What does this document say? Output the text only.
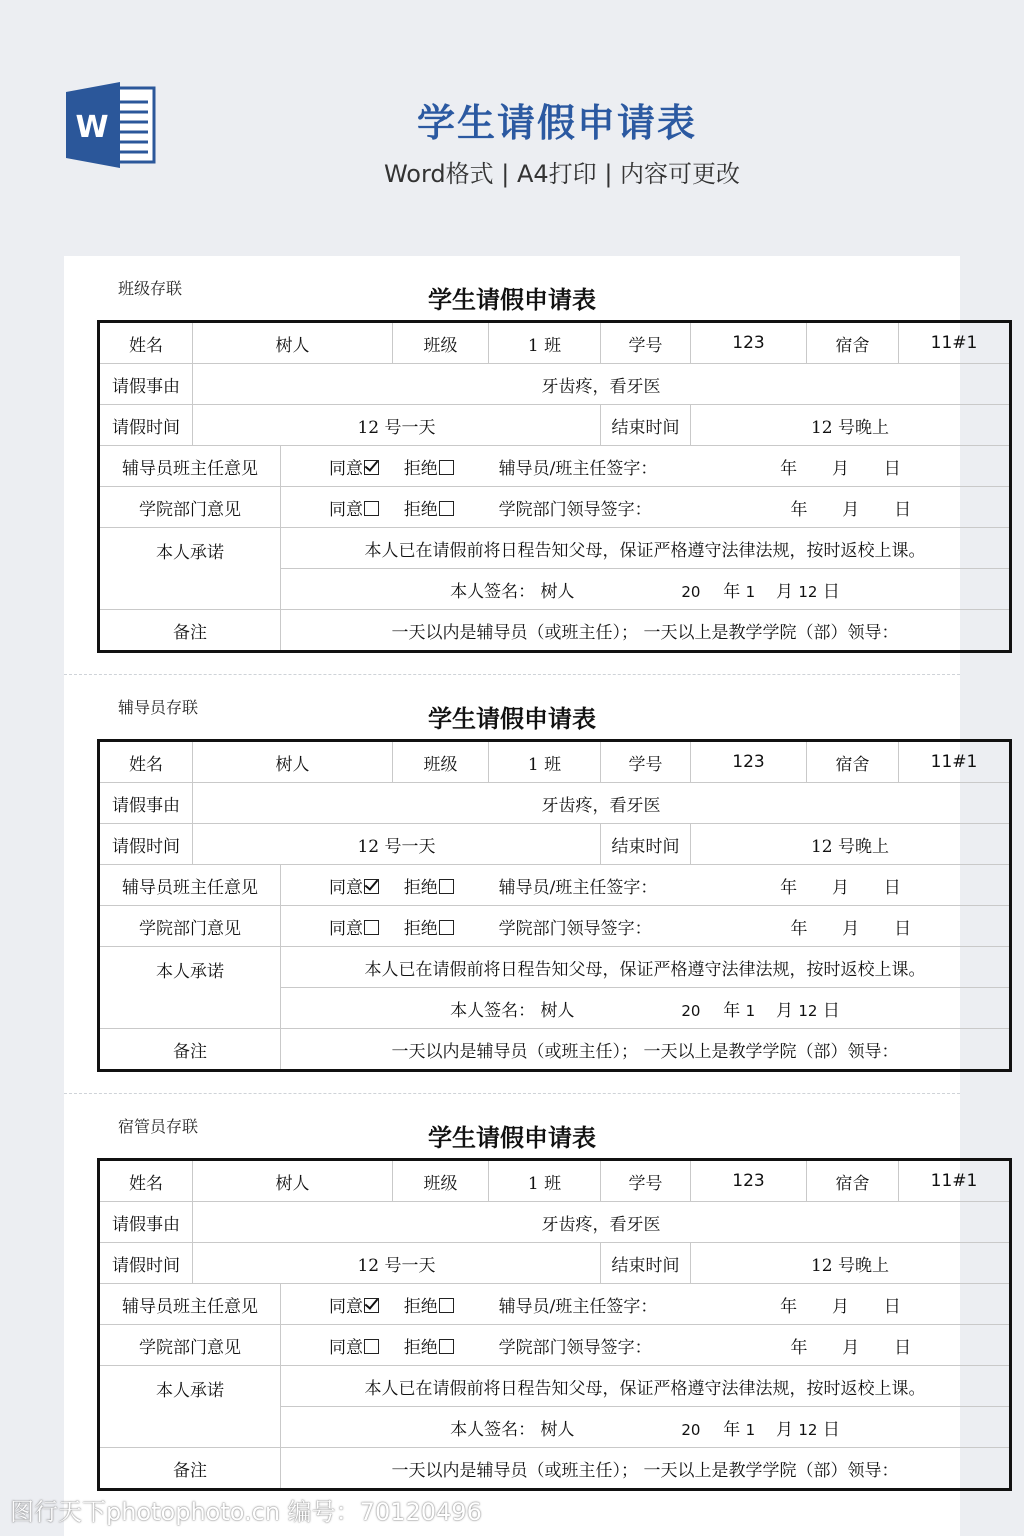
W	学生请假申请表
Word格式 | A4打印 | 内容可更改
班级存联	学生请假申请表
姓名	树人		班级	1 班	学号	123	宿舍	11#1
请假事由	牙齿疼，看牙医							
请假时间	12 号一天				结束时间	12 号晚上		
辅导员班主任意见		同意 拒绝 辅导员/班主任签字： 年 月 日						
学院部门意见		同意 拒绝 学院部门领导签字： 年 月 日						
本人承诺		本人已在请假前将日程告知父母，保证严格遵守法律法规，按时返校上课。						
		本人签名： 树人 20 年 1 月 12 日						
备注		一天以内是辅导员（或班主任）； 一天以上是教学学院（部）领导：						
辅导员存联	学生请假申请表
姓名	树人		班级	1 班	学号	123	宿舍	11#1
请假事由	牙齿疼，看牙医							
请假时间	12 号一天				结束时间	12 号晚上		
辅导员班主任意见		同意 拒绝 辅导员/班主任签字： 年 月 日						
学院部门意见		同意 拒绝 学院部门领导签字： 年 月 日						
本人承诺		本人已在请假前将日程告知父母，保证严格遵守法律法规，按时返校上课。						
		本人签名： 树人 20 年 1 月 12 日						
备注		一天以内是辅导员（或班主任）； 一天以上是教学学院（部）领导：						
宿管员存联	学生请假申请表
姓名	树人		班级	1 班	学号	123	宿舍	11#1
请假事由	牙齿疼，看牙医							
请假时间	12 号一天				结束时间	12 号晚上		
辅导员班主任意见		同意 拒绝 辅导员/班主任签字： 年 月 日						
学院部门意见		同意 拒绝 学院部门领导签字： 年 月 日						
本人承诺		本人已在请假前将日程告知父母，保证严格遵守法律法规，按时返校上课。						
		本人签名： 树人 20 年 1 月 12 日						
备注		一天以内是辅导员（或班主任）； 一天以上是教学学院（部）领导：						
图行天下photophoto.cn 编号：70120496
